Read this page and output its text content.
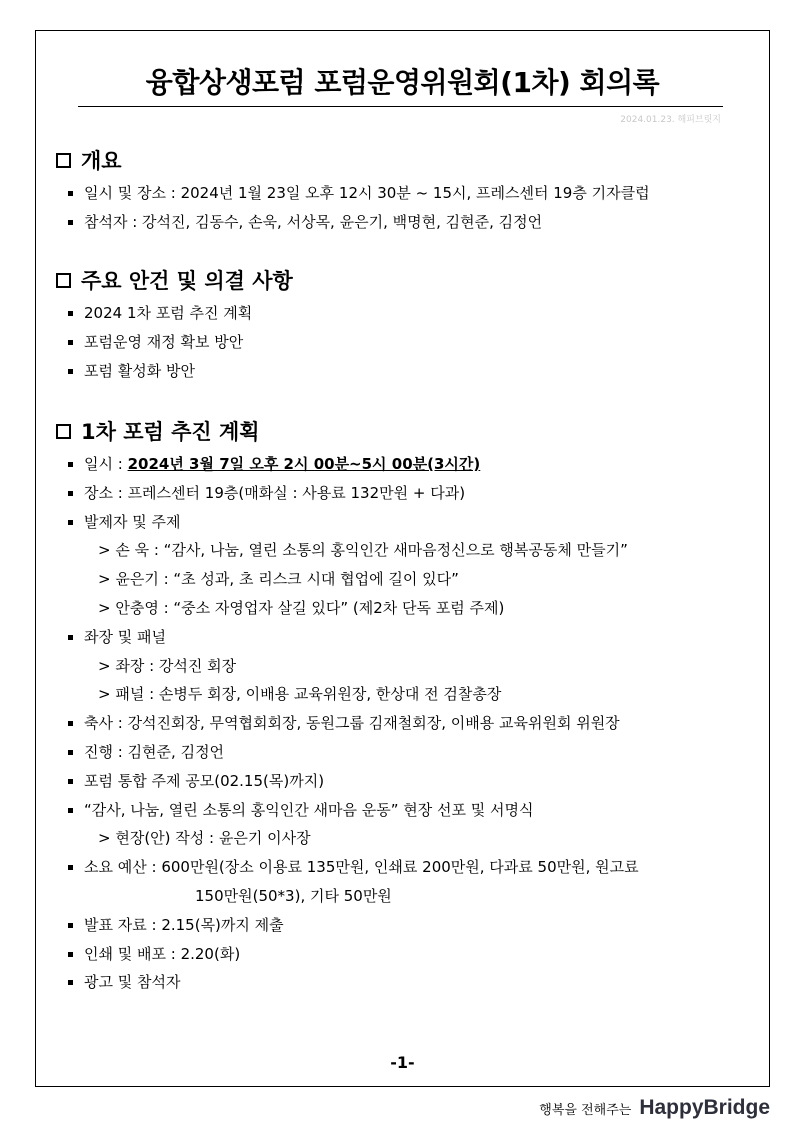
융합상생포럼 포럼운영위원회(1차) 회의록
2024.01.23. 해피브릿지
개요
일시 및 장소 : 2024년 1월 23일 오후 12시 30분 ~ 15시, 프레스센터 19층 기자클럽
참석자 : 강석진, 김동수, 손욱, 서상목, 윤은기, 백명현, 김현준, 김정언
주요 안건 및 의결 사항
2024 1차 포럼 추진 계획
포럼운영 재정 확보 방안
포럼 활성화 방안
1차 포럼 추진 계획
일시 : 2024년 3월 7일 오후 2시 00분~5시 00분(3시간)
장소 : 프레스센터 19층(매화실 : 사용료 132만원 + 다과)
발제자 및 주제
> 손 욱 : “감사, 나눔, 열린 소통의 홍익인간 새마음정신으로 행복공동체 만들기”
> 윤은기 : “초 성과, 초 리스크 시대 협업에 길이 있다”
> 안충영 : “중소 자영업자 살길 있다” (제2차 단독 포럼 주제)
좌장 및 패널
> 좌장 : 강석진 회장
> 패널 : 손병두 회장, 이배용 교육위원장, 한상대 전 검찰총장
축사 : 강석진회장, 무역협회회장, 동원그룹 김재철회장, 이배용 교육위원회 위원장
진행 : 김현준, 김정언
포럼 통합 주제 공모(02.15(목)까지)
“감사, 나눔, 열린 소통의 홍익인간 새마음 운동” 현장 선포 및 서명식
> 현장(안) 작성 : 윤은기 이사장
소요 예산 : 600만원(장소 이용료 135만원, 인쇄료 200만원, 다과료 50만원, 원고료
150만원(50*3), 기타 50만원
발표 자료 : 2.15(목)까지 제출
인쇄 및 배포 : 2.20(화)
광고 및 참석자
-1-
행복을 전해주는 HappyBridge
